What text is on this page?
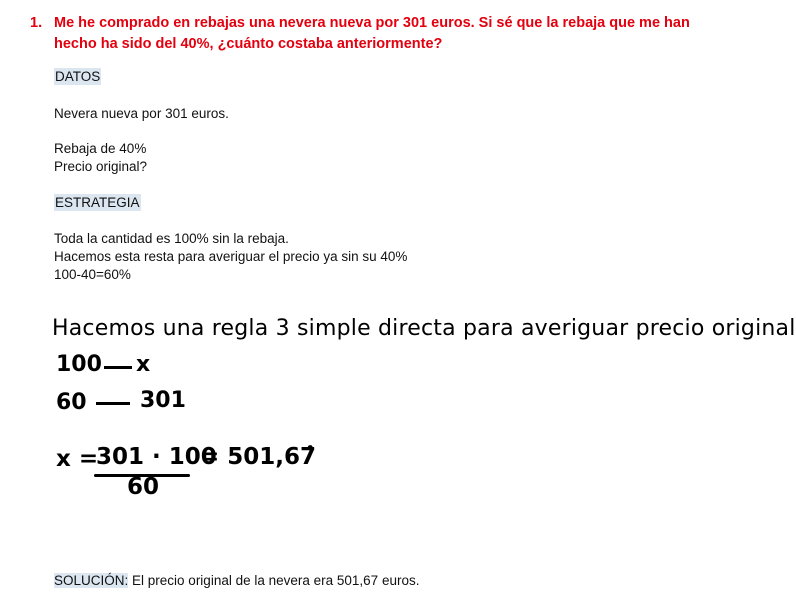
1. Me he comprado en rebajas una nevera nueva por 301 euros. Si sé que la rebaja que me han hecho ha sido del 40%, ¿cuánto costaba anteriormente?
DATOS
Nevera nueva por 301 euros.
Rebaja de 40%
Precio original?
ESTRATEGIA
Toda la cantidad es 100% sin la rebaja.
Hacemos esta resta para averiguar el precio ya sin su 40%
100-40=60%
Hacemos una regla 3 simple directa para averiguar precio original
100 x
60 301
x =
301 · 100
60
= 501,67̂
SOLUCIÓN: El precio original de la nevera era 501,67 euros.
